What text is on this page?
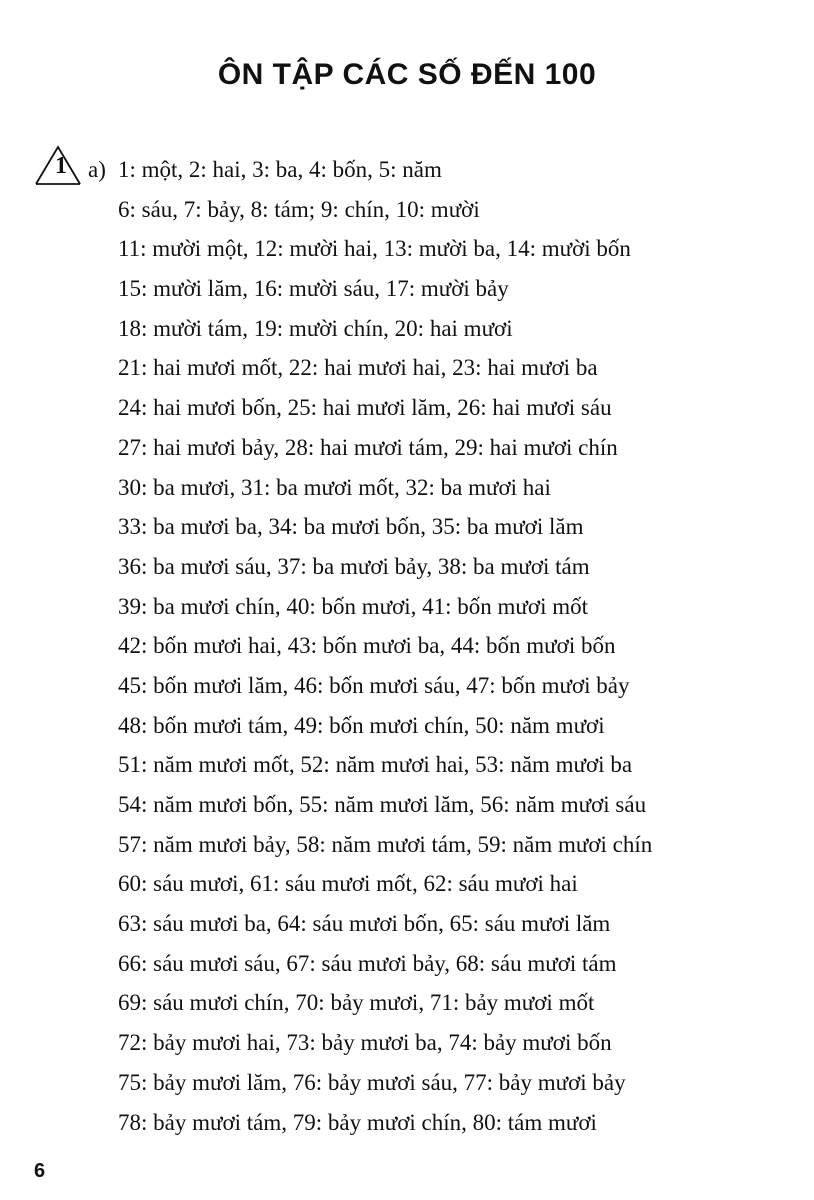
ÔN TẬP CÁC SỐ ĐẾN 100
1 a) 1: một, 2: hai, 3: ba, 4: bốn, 5: năm
6: sáu, 7: bảy, 8: tám; 9: chín, 10: mười
11: mười một, 12: mười hai, 13: mười ba, 14: mười bốn
15: mười lăm, 16: mười sáu, 17: mười bảy
18: mười tám, 19: mười chín, 20: hai mươi
21: hai mươi mốt, 22: hai mươi hai, 23: hai mươi ba
24: hai mươi bốn, 25: hai mươi lăm, 26: hai mươi sáu
27: hai mươi bảy, 28: hai mươi tám, 29: hai mươi chín
30: ba mươi, 31: ba mươi mốt, 32: ba mươi hai
33: ba mươi ba, 34: ba mươi bốn, 35: ba mươi lăm
36: ba mươi sáu, 37: ba mươi bảy, 38: ba mươi tám
39: ba mươi chín, 40: bốn mươi, 41: bốn mươi mốt
42: bốn mươi hai, 43: bốn mươi ba, 44: bốn mươi bốn
45: bốn mươi lăm, 46: bốn mươi sáu, 47: bốn mươi bảy
48: bốn mươi tám, 49: bốn mươi chín, 50: năm mươi
51: năm mươi mốt, 52: năm mươi hai, 53: năm mươi ba
54: năm mươi bốn, 55: năm mươi lăm, 56: năm mươi sáu
57: năm mươi bảy, 58: năm mươi tám, 59: năm mươi chín
60: sáu mươi, 61: sáu mươi mốt, 62: sáu mươi hai
63: sáu mươi ba, 64: sáu mươi bốn, 65: sáu mươi lăm
66: sáu mươi sáu, 67: sáu mươi bảy, 68: sáu mươi tám
69: sáu mươi chín, 70: bảy mươi, 71: bảy mươi mốt
72: bảy mươi hai, 73: bảy mươi ba, 74: bảy mươi bốn
75: bảy mươi lăm, 76: bảy mươi sáu, 77: bảy mươi bảy
78: bảy mươi tám, 79: bảy mươi chín, 80: tám mươi
6
